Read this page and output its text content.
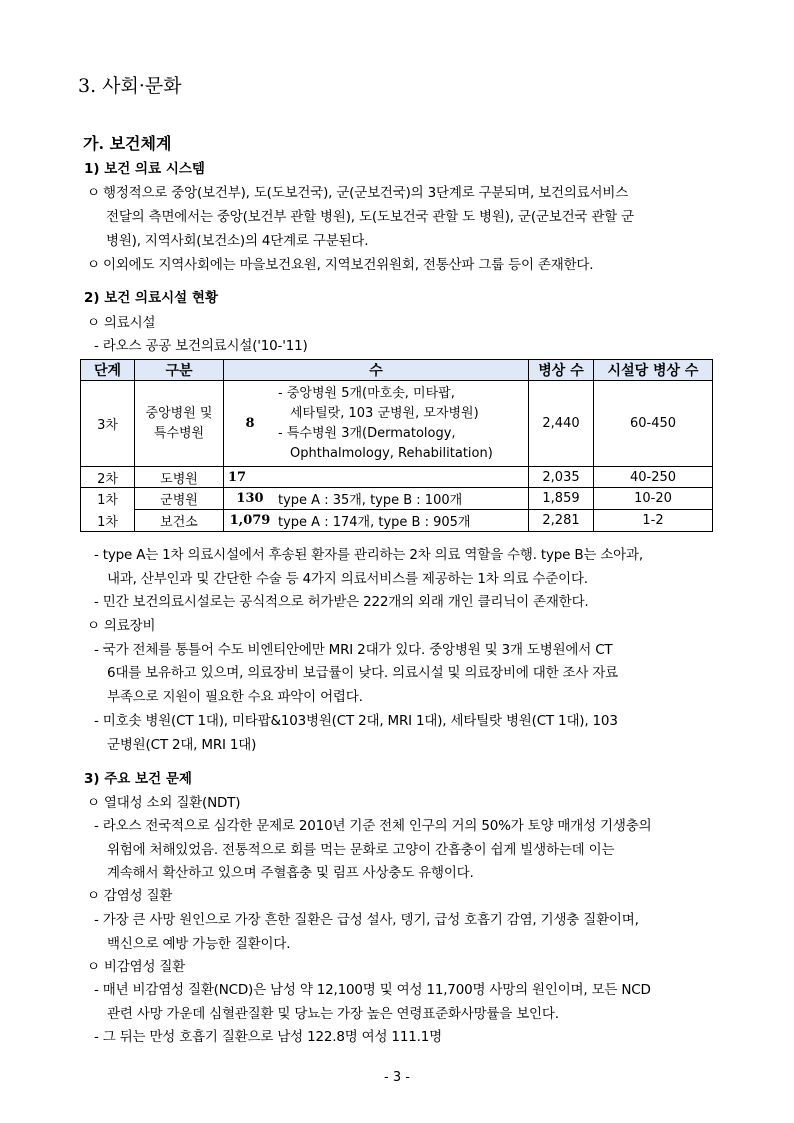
3. 사회·문화
가. 보건체계
1) 보건 의료 시스템
ㅇ 행정적으로 중앙(보건부), 도(도보건국), 군(군보건국)의 3단계로 구분되며, 보건의료서비스
전달의 측면에서는 중앙(보건부 관할 병원), 도(도보건국 관할 도 병원), 군(군보건국 관할 군
병원), 지역사회(보건소)의 4단계로 구분된다.
ㅇ 이외에도 지역사회에는 마을보건요원, 지역보건위원회, 전통산파 그룹 등이 존재한다.
2) 보건 의료시설 현황
ㅇ 의료시설
- 라오스 공공 보건의료시설('10-'11)
단계	구분	수		병상 수	시설당 병상 수
3차	중앙병원 및 특수병원	8	- 중앙병원 5개(마호솟, 미타팝,
세타틸랏, 103 군병원, 모자병원)
- 특수병원 3개(Dermatology,
Ophthalmology, Rehabilitation)	2,440	60-450
2차	도병원	17		2,035	40-250
1차	군병원	130	type A : 35개, type B : 100개	1,859	10-20
1차	보건소	1,079	type A : 174개, type B : 905개	2,281	1-2
- type A는 1차 의료시설에서 후송된 환자를 관리하는 2차 의료 역할을 수행. type B는 소아과,
내과, 산부인과 및 간단한 수술 등 4가지 의료서비스를 제공하는 1차 의료 수준이다.
- 민간 보건의료시설로는 공식적으로 허가받은 222개의 외래 개인 클리닉이 존재한다.
ㅇ 의료장비
- 국가 전체를 통틀어 수도 비엔티안에만 MRI 2대가 있다. 중앙병원 및 3개 도병원에서 CT
6대를 보유하고 있으며, 의료장비 보급률이 낮다. 의료시설 및 의료장비에 대한 조사 자료
부족으로 지원이 필요한 수요 파악이 어렵다.
- 미호솟 병원(CT 1대), 미타팝&103병원(CT 2대, MRI 1대), 세타틸랏 병원(CT 1대), 103
군병원(CT 2대, MRI 1대)
3) 주요 보건 문제
ㅇ 열대성 소외 질환(NDT)
- 라오스 전국적으로 심각한 문제로 2010년 기준 전체 인구의 거의 50%가 토양 매개성 기생충의
위험에 처해있었음. 전통적으로 회를 먹는 문화로 고양이 간흡충이 쉽게 빌생하는데 이는
계속해서 확산하고 있으며 주혈흡충 및 림프 사상충도 유행이다.
ㅇ 감염성 질환
- 가장 큰 사망 원인으로 가장 흔한 질환은 급성 설사, 뎅기, 급성 호흡기 감염, 기생충 질환이며,
백신으로 예방 가능한 질환이다.
ㅇ 비감염성 질환
- 매년 비감염성 질환(NCD)은 남성 약 12,100명 및 여성 11,700명 사망의 원인이며, 모든 NCD
관련 사망 가운데 심혈관질환 및 당뇨는 가장 높은 연령표준화사망률을 보인다.
- 그 뒤는 만성 호흡기 질환으로 남성 122.8명 여성 111.1명
- 3 -
